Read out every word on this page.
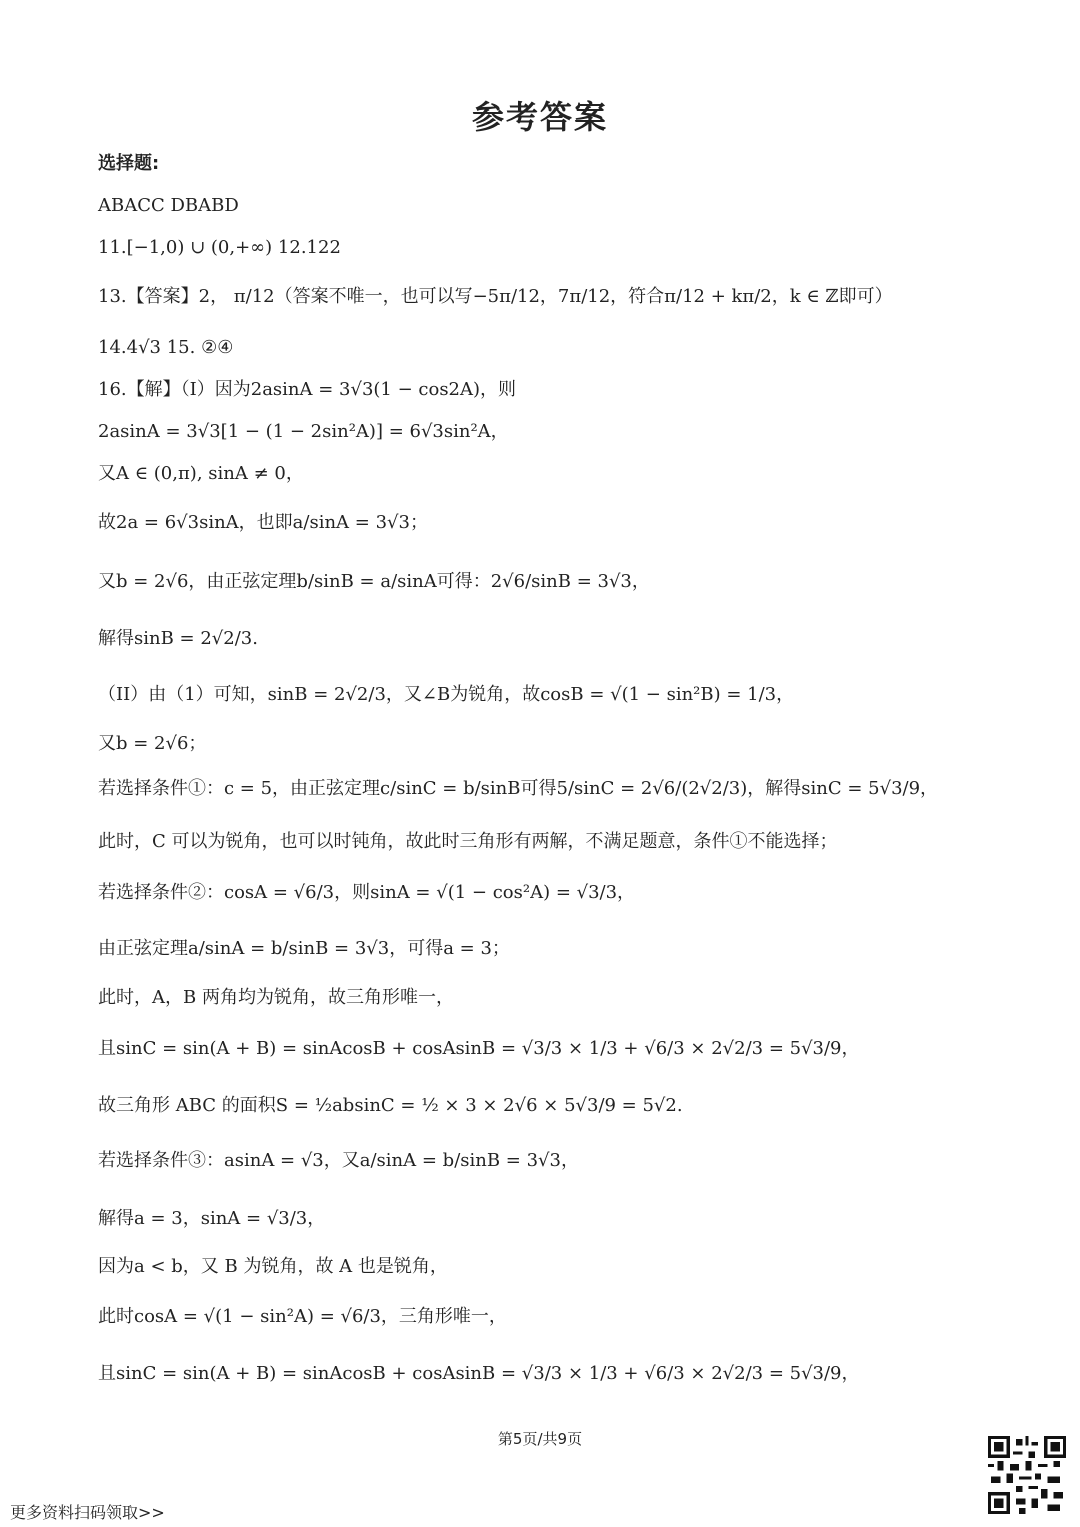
参考答案
选择题:
ABACC DBABD
11.[−1,0) ∪ (0,+∞) 12.122
13.【答案】2， π/12（答案不唯一，也可以写−5π/12，7π/12，符合π/12 + kπ/2，k ∈ ℤ即可）
14.4√3 15. ②④
16.【解】（I）因为2asinA = 3√3(1 − cos2A)，则
2asinA = 3√3[1 − (1 − 2sin²A)] = 6√3sin²A，
又A ∈ (0,π), sinA ≠ 0，
故2a = 6√3sinA，也即a/sinA = 3√3；
又b = 2√6，由正弦定理b/sinB = a/sinA可得：2√6/sinB = 3√3，
解得sinB = 2√2/3.
（II）由（1）可知，sinB = 2√2/3，又∠B为锐角，故cosB = √(1 − sin²B) = 1/3，
又b = 2√6；
若选择条件①：c = 5，由正弦定理c/sinC = b/sinB可得5/sinC = 2√6/(2√2/3)，解得sinC = 5√3/9，
此时，C 可以为锐角，也可以时钝角，故此时三角形有两解，不满足题意，条件①不能选择；
若选择条件②：cosA = √6/3，则sinA = √(1 − cos²A) = √3/3，
由正弦定理a/sinA = b/sinB = 3√3，可得a = 3；
此时，A，B 两角均为锐角，故三角形唯一，
且sinC = sin(A + B) = sinAcosB + cosAsinB = √3/3 × 1/3 + √6/3 × 2√2/3 = 5√3/9，
故三角形 ABC 的面积S = ½absinC = ½ × 3 × 2√6 × 5√3/9 = 5√2.
若选择条件③：asinA = √3，又a/sinA = b/sinB = 3√3，
解得a = 3，sinA = √3/3，
因为a < b，又 B 为锐角，故 A 也是锐角，
此时cosA = √(1 − sin²A) = √6/3，三角形唯一，
且sinC = sin(A + B) = sinAcosB + cosAsinB = √3/3 × 1/3 + √6/3 × 2√2/3 = 5√3/9，
第5页/共9页
更多资料扫码领取>>
